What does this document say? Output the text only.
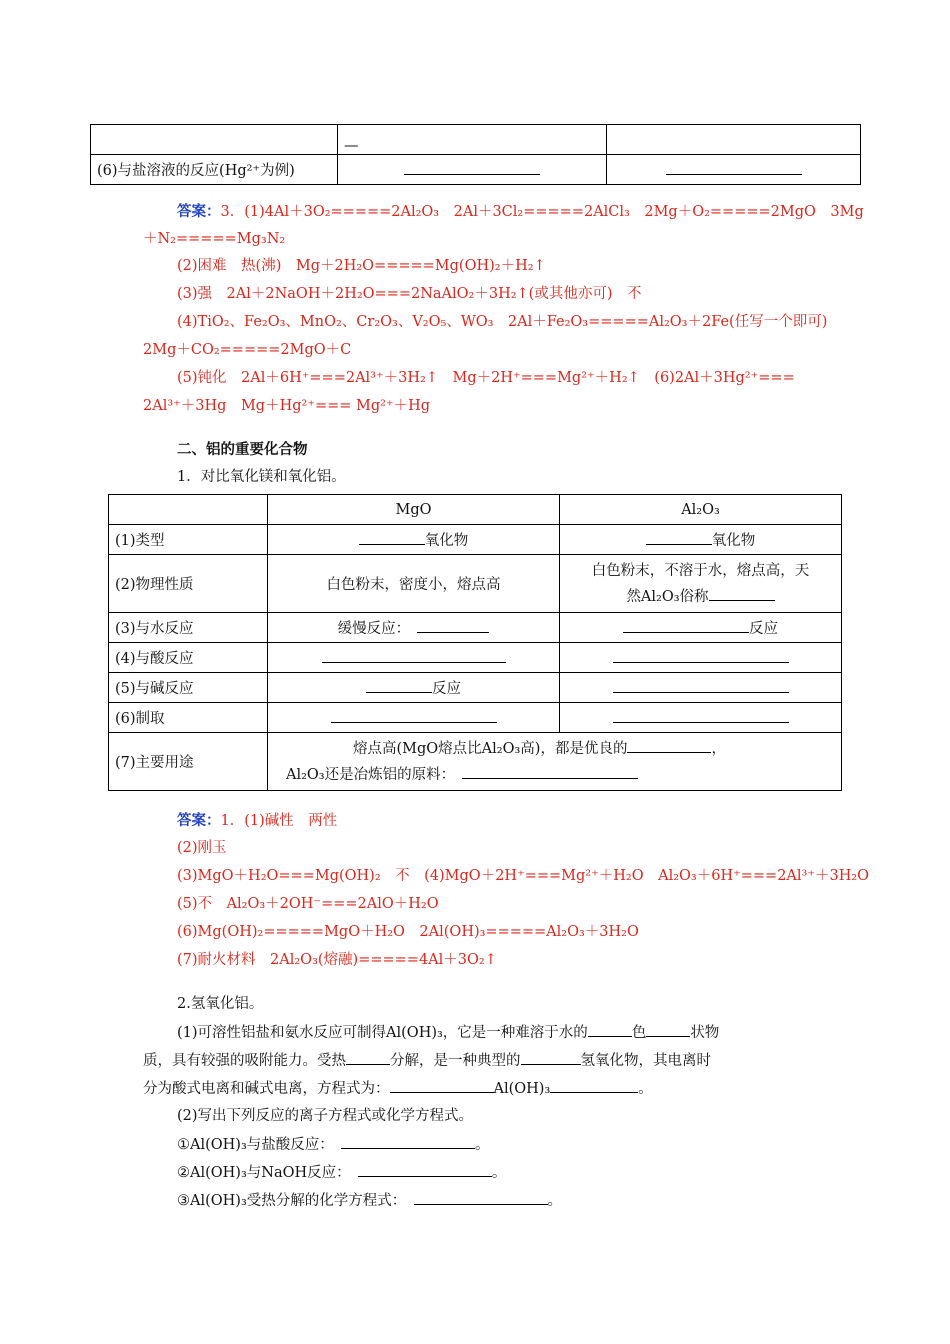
	—	
(6)与盐溶液的反应(Hg²⁺为例)		
答案：3．(1)4Al＋3O₂=====2Al₂O₃　2Al＋3Cl₂=====2AlCl₃　2Mg＋O₂=====2MgO　3Mg
＋N₂=====Mg₃N₂
(2)困难　热(沸)　Mg＋2H₂O=====Mg(OH)₂＋H₂↑
(3)强　2Al＋2NaOH＋2H₂O===2NaAlO₂＋3H₂↑(或其他亦可)　不
(4)TiO₂、Fe₂O₃、MnO₂、Cr₂O₃、V₂O₅、WO₃　2Al＋Fe₂O₃=====Al₂O₃＋2Fe(任写一个即可)
2Mg＋CO₂=====2MgO＋C
(5)钝化　2Al＋6H⁺===2Al³⁺＋3H₂↑　Mg＋2H⁺===Mg²⁺＋H₂↑　(6)2Al＋3Hg²⁺===
2Al³⁺＋3Hg　Mg＋Hg²⁺=== Mg²⁺＋Hg
二、铝的重要化合物
1．对比氧化镁和氧化铝。
	MgO	Al₂O₃
(1)类型	氧化物	氧化物
(2)物理性质	白色粉末，密度小，熔点高	白色粉末，不溶于水，熔点高，天
然Al₂O₃俗称

(3)与水反应	缓慢反应：　	反应
(4)与酸反应		
(5)与碱反应	反应	
(6)制取		
(7)主要用途	熔点高(MgO熔点比Al₂O₃高)，都是优良的 ，
Al₂O₃还是冶炼铝的原料：	　
答案：1．(1)碱性　两性
(2)刚玉
(3)MgO＋H₂O===Mg(OH)₂　不　(4)MgO＋2H⁺===Mg²⁺＋H₂O　Al₂O₃＋6H⁺===2Al³⁺＋3H₂O
(5)不　Al₂O₃＋2OH⁻===2AlO＋H₂O
(6)Mg(OH)₂=====MgO＋H₂O　2Al(OH)₃=====Al₂O₃＋3H₂O
(7)耐火材料　2Al₂O₃(熔融)=====4Al＋3O₂↑
2.氢氧化铝。
(1)可溶性铝盐和氨水反应可制得Al(OH)₃，它是一种难溶于水的	色	状物
质，具有较强的吸附能力。受热	分解，是一种典型的	氢氧化物，其电离时
分为酸式电离和碱式电离，方程式为：	Al(OH)₃	。
(2)写出下列反应的离子方程式或化学方程式。
①Al(OH)₃与盐酸反应：　	。
②Al(OH)₃与NaOH反应：　	。
③Al(OH)₃受热分解的化学方程式：　	。
